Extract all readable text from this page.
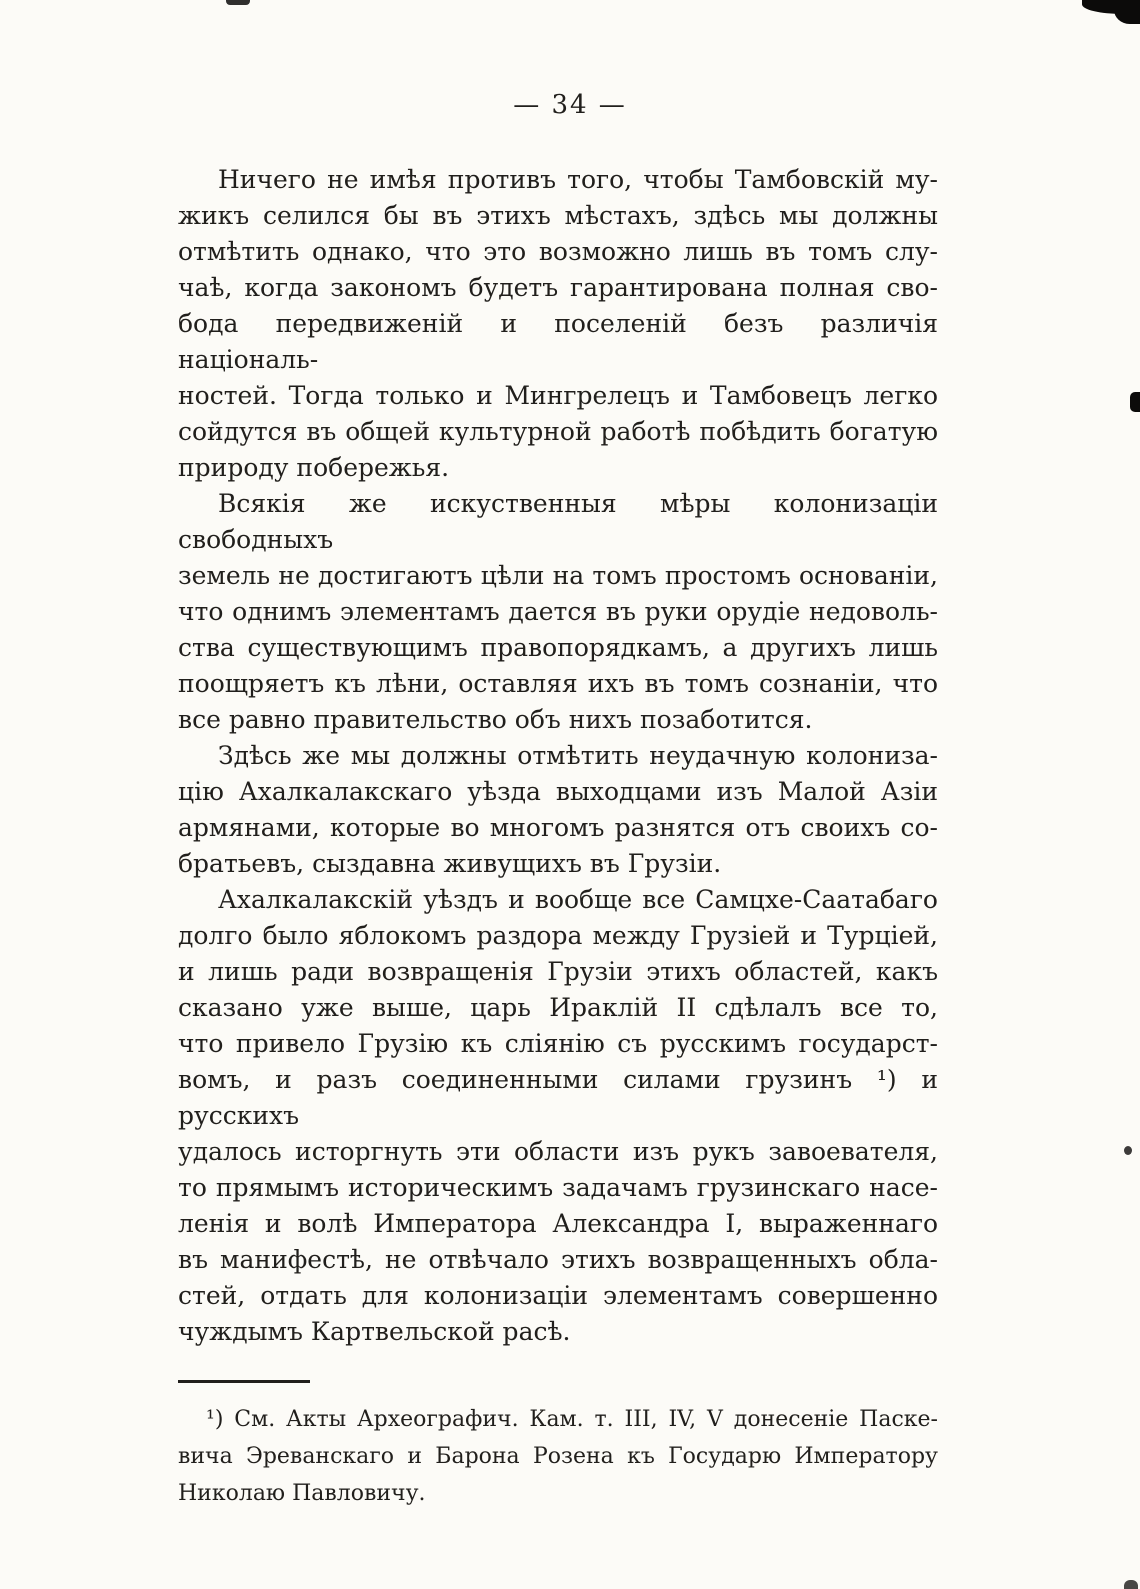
— 34 —

Ничего не имѣя противъ того, чтобы Тамбовскій му-
жикъ селился бы въ этихъ мѣстахъ, здѣсь мы должны
отмѣтить однако, что это возможно лишь въ томъ слу-
чаѣ, когда закономъ будетъ гарантирована полная сво-
бода передвиженій и поселеній безъ различія національ-
ностей. Тогда только и Мингрелецъ и Тамбовецъ легко
сойдутся въ общей культурной работѣ побѣдить богатую
природу побережья.

Всякія же искуственныя мѣры колонизаціи свободныхъ
земель не достигаютъ цѣли на томъ простомъ основаніи,
что однимъ элементамъ дается въ руки орудіе недоволь-
ства существующимъ правопорядкамъ, а другихъ лишь
поощряетъ къ лѣни, оставляя ихъ въ томъ сознаніи, что
все равно правительство объ нихъ позаботится.

Здѣсь же мы должны отмѣтить неудачную колониза-
цію Ахалкалакскаго уѣзда выходцами изъ Малой Азіи
армянами, которые во многомъ разнятся отъ своихъ со-
братьевъ, сыздавна живущихъ въ Грузіи.

Ахалкалакскій уѣздъ и вообще все Самцхе-Саатабаго
долго было яблокомъ раздора между Грузіей и Турціей,
и лишь ради возвращенія Грузіи этихъ областей, какъ
сказано уже выше, царь Ираклій II сдѣлалъ все то,
что привело Грузію къ сліянію съ русскимъ государст-
вомъ, и разъ соединенными силами грузинъ ¹) и русскихъ
удалось исторгнуть эти области изъ рукъ завоевателя,
то прямымъ историческимъ задачамъ грузинскаго насе-
ленія и волѣ Императора Александра I, выраженнаго
въ манифестѣ, не отвѣчало этихъ возвращенныхъ обла-
стей, отдать для колонизаціи элементамъ совершенно
чуждымъ Картвельской расѣ.

¹) См. Акты Археографич. Кам. т. III, IV, V донесеніе Паске-
вича Эреванскаго и Барона Розена къ Государю Императору
Николаю Павловичу.
